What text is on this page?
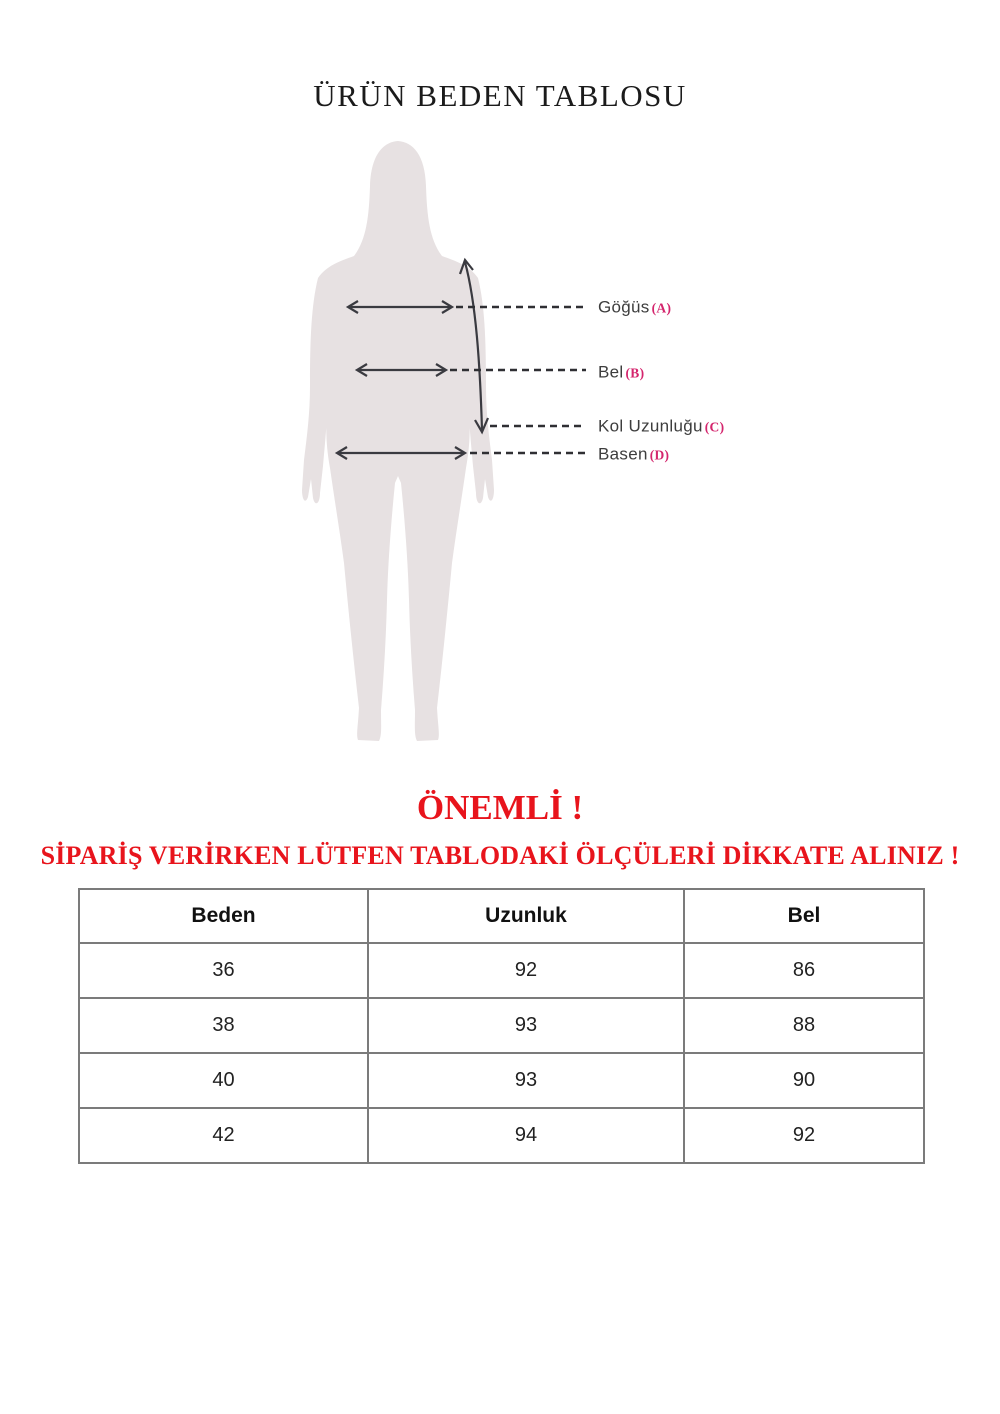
ÜRÜN BEDEN TABLOSU
Göğüs (A)
Bel (B)
Kol Uzunluğu (C)
Basen (D)
ÖNEMLİ !
SİPARİŞ VERİRKEN LÜTFEN TABLODAKİ ÖLÇÜLERİ DİKKATE ALINIZ !
Beden	Uzunluk	Bel
36	92	86
38	93	88
40	93	90
42	94	92
